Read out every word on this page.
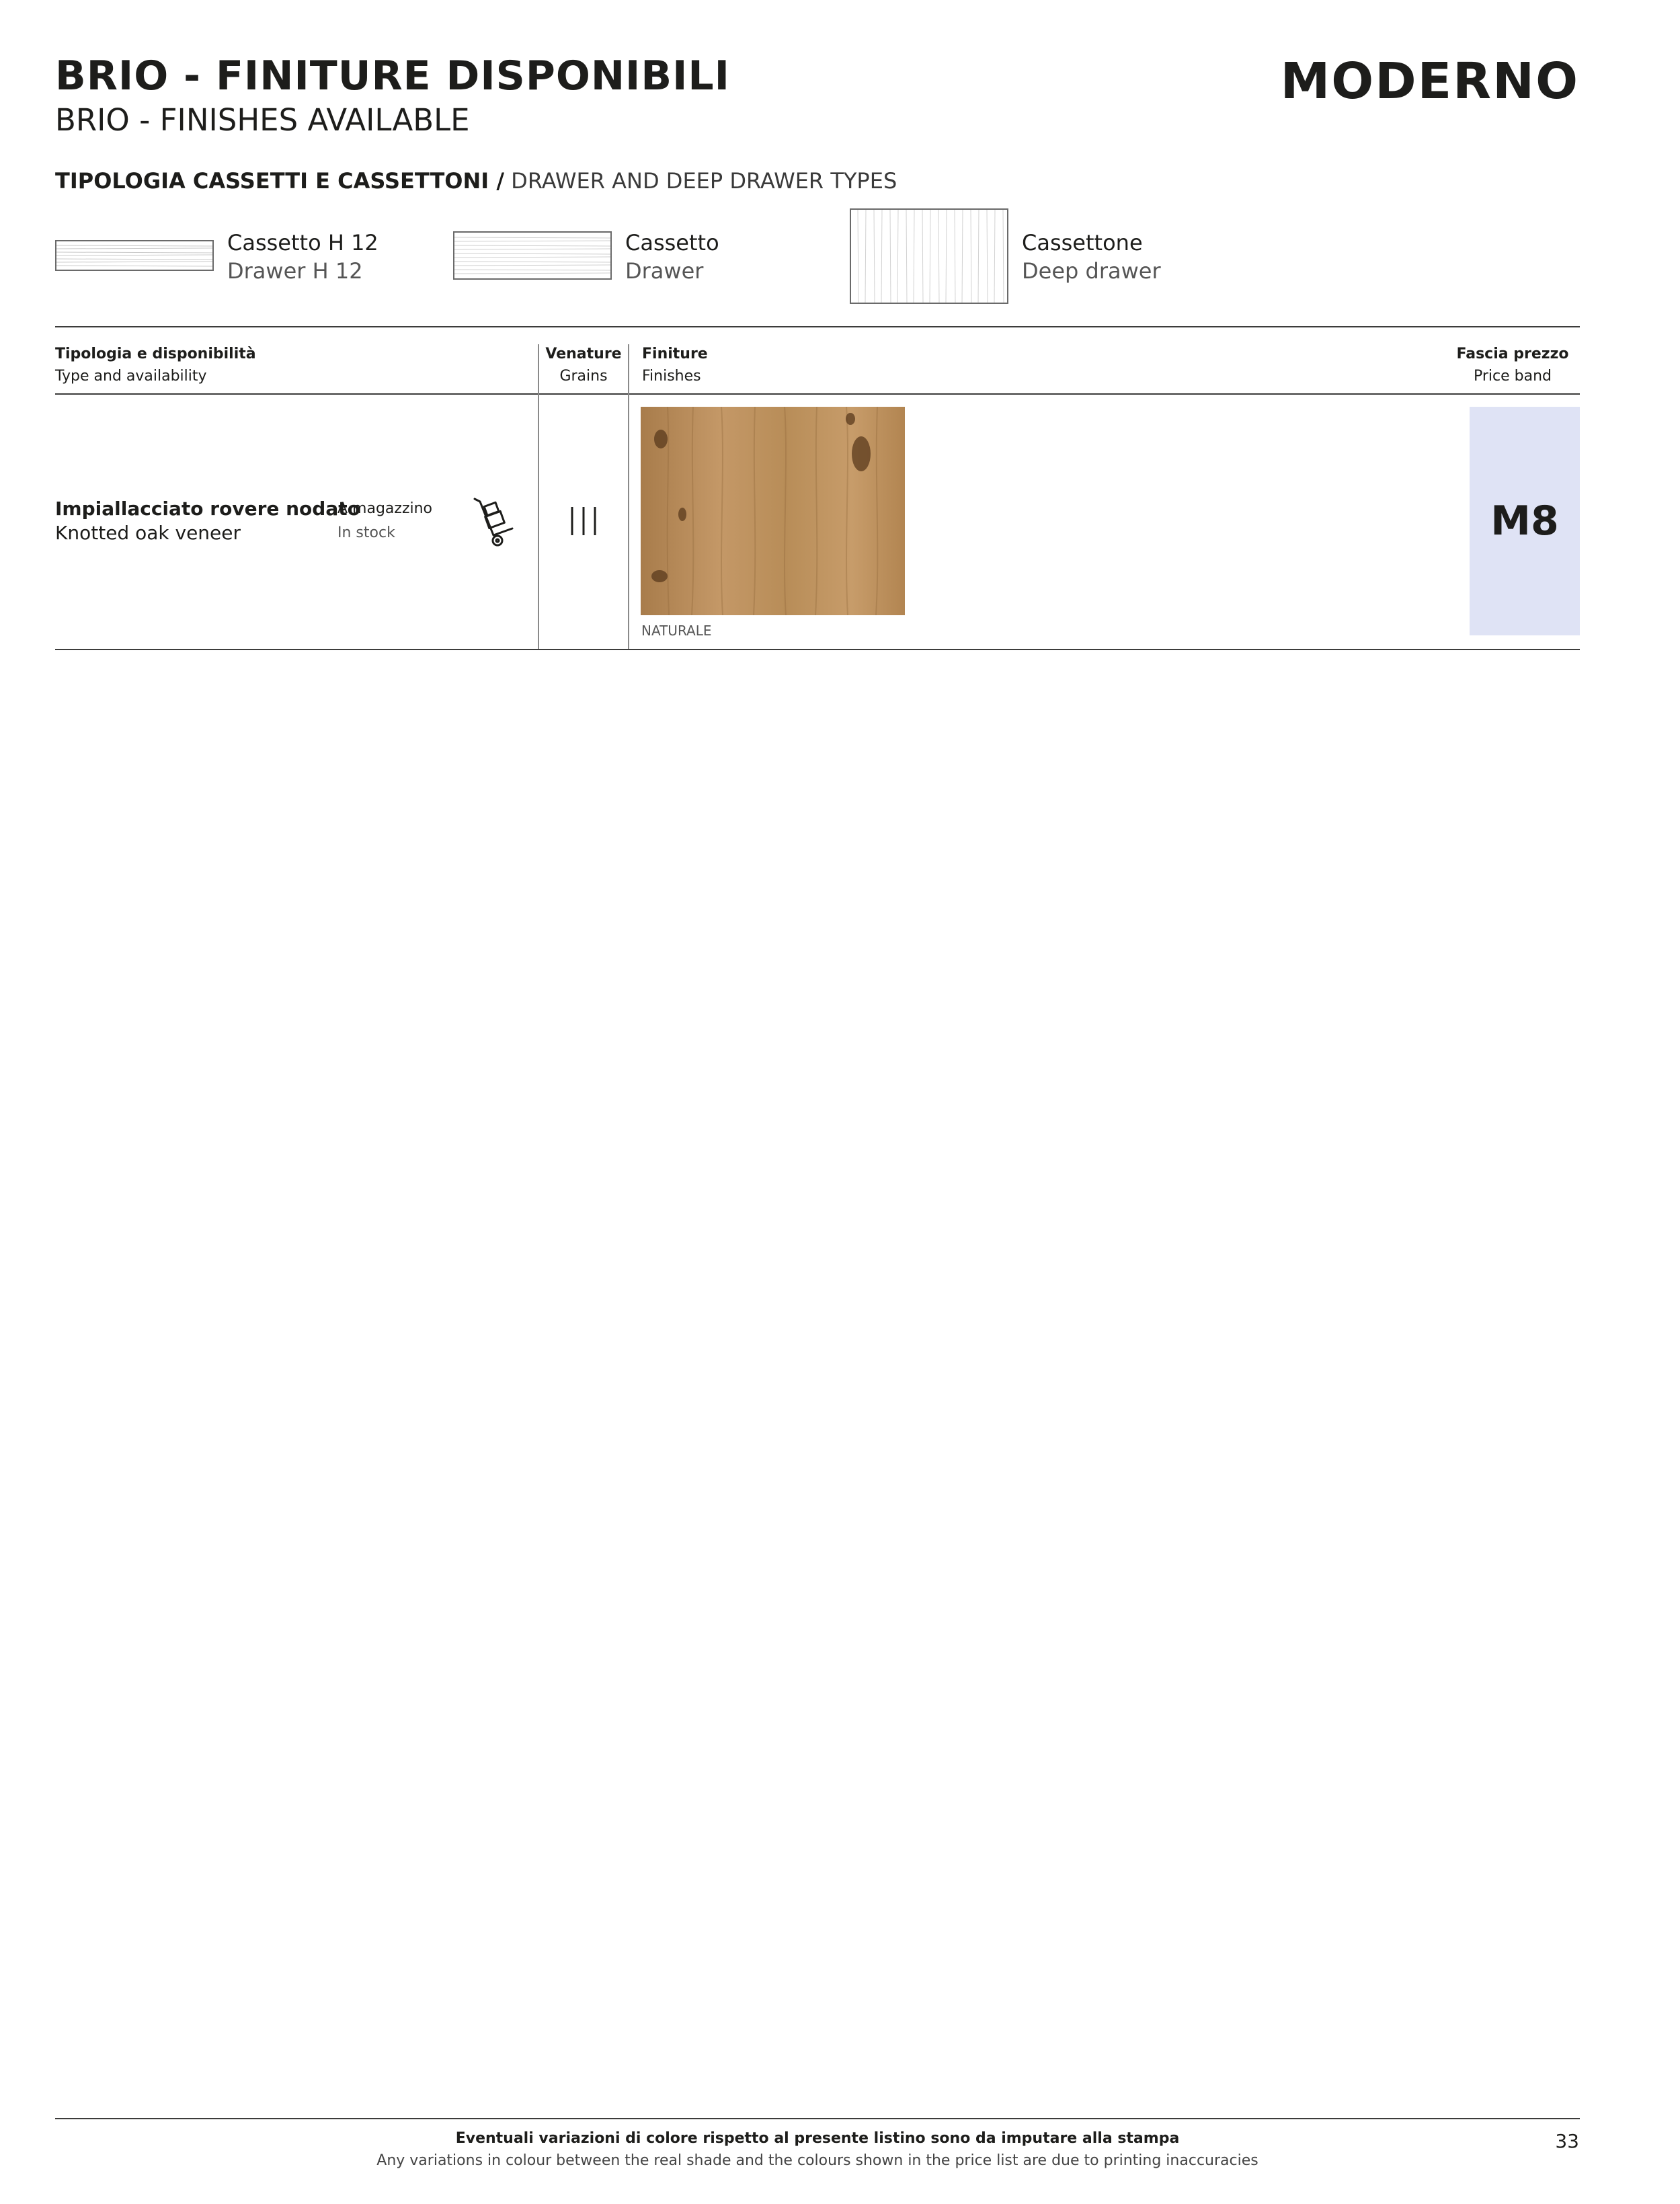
BRIO - FINITURE DISPONIBILI
BRIO - FINISHES AVAILABLE
MODERNO
TIPOLOGIA CASSETTI E CASSETTONI / DRAWER AND DEEP DRAWER TYPES
Cassetto H 12
Drawer H 12
Cassetto
Drawer
Cassettone
Deep drawer
Tipologia e disponibilità
Type and availability
Venature
Grains
Finiture
Finishes
Fascia prezzo
Price band
Impiallacciato rovere nodato
Knotted oak veneer
A magazzino
In stock
NATURALE
M8
Eventuali variazioni di colore rispetto al presente listino sono da imputare alla stampa
Any variations in colour between the real shade and the colours shown in the price list are due to printing inaccuracies
33
